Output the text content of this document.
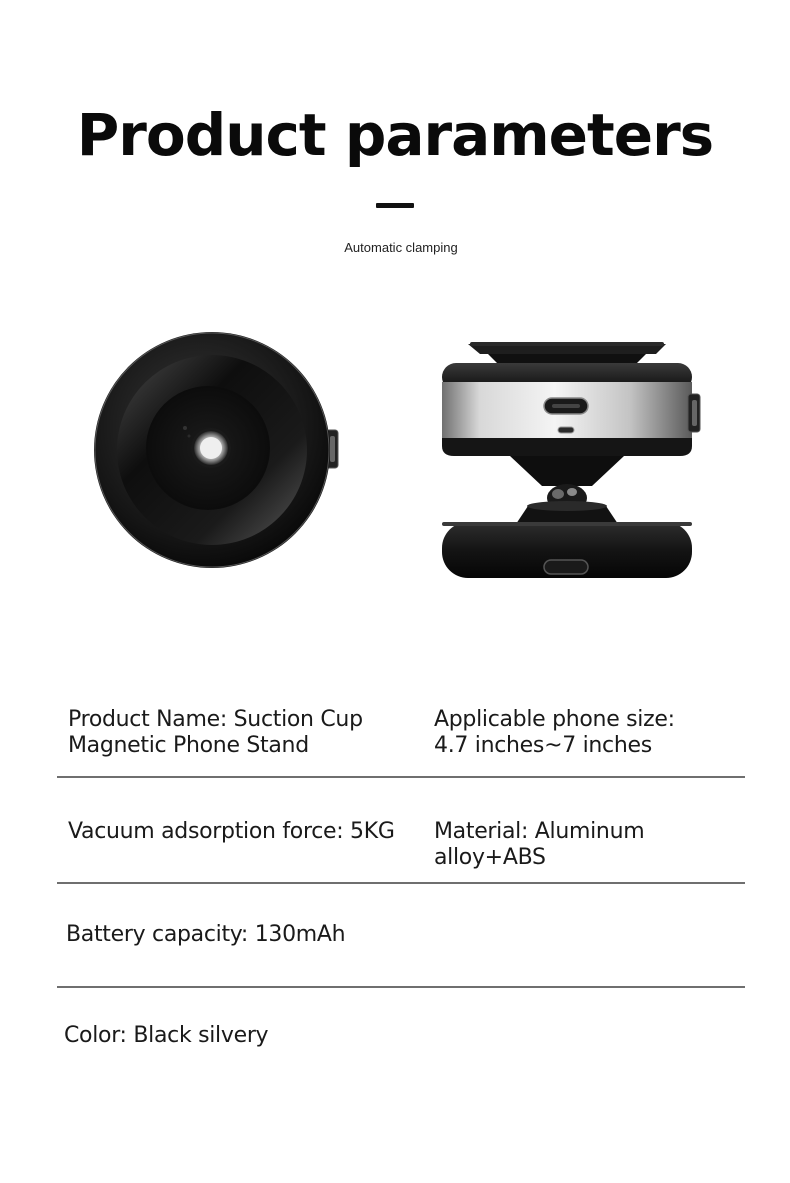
Product parameters
Automatic clamping

Product Name: Suction Cup

Magnetic Phone Stand

Applicable phone size:

4.7 inches~7 inches

Vacuum adsorption force: 5KG Material: Aluminum

alloy+ABS

Battery capacity: 130mAh

Color: Black silvery
